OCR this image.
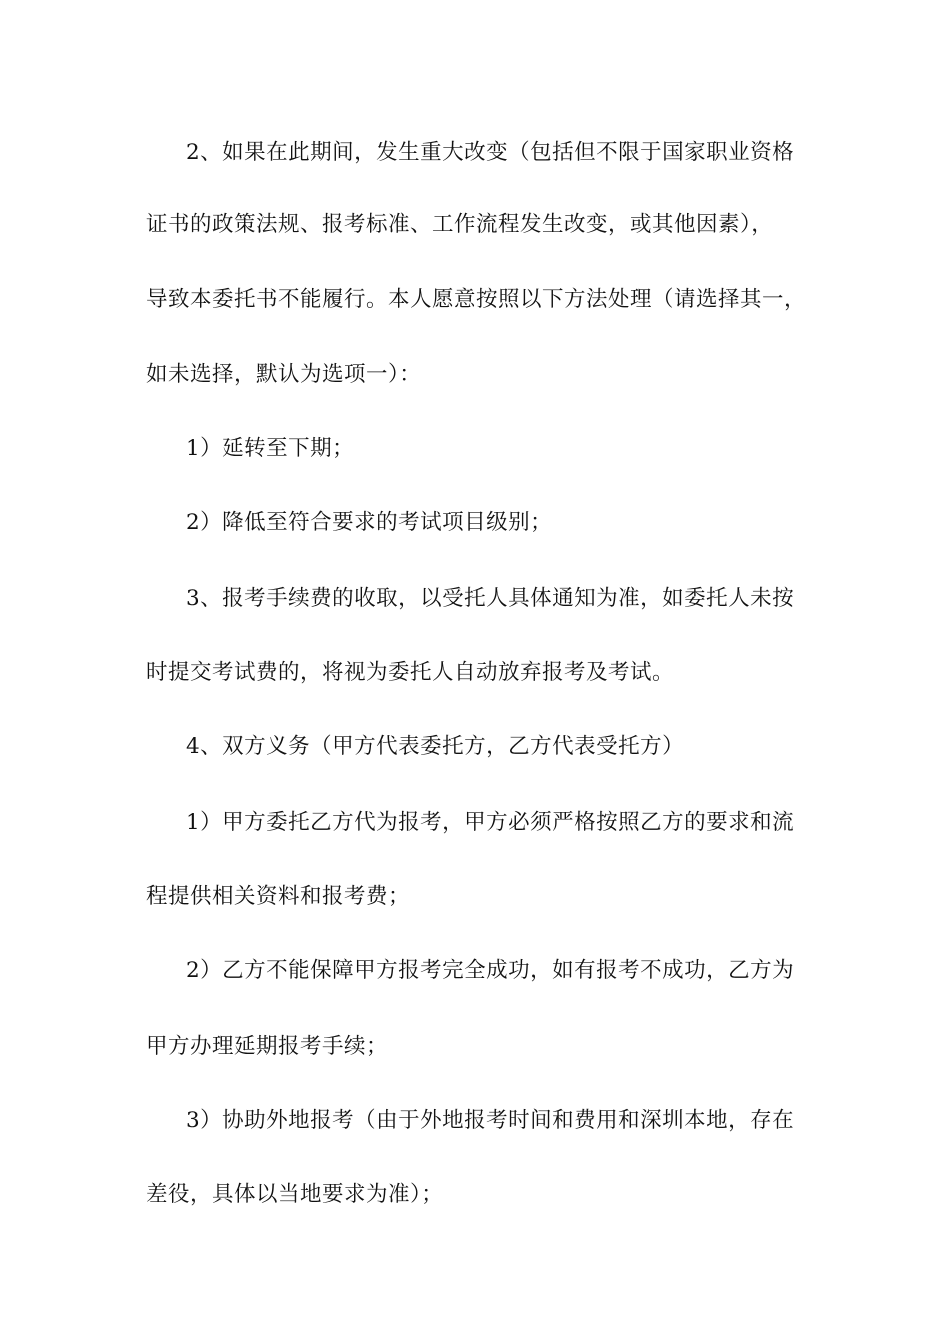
2、如果在此期间，发生重大改变（包括但不限于国家职业资格
证书的政策法规、报考标准、工作流程发生改变，或其他因素），
导致本委托书不能履行。本人愿意按照以下方法处理（请选择其一，
如未选择，默认为选项一）：
1）延转至下期；
2）降低至符合要求的考试项目级别；
3、报考手续费的收取，以受托人具体通知为准，如委托人未按
时提交考试费的，将视为委托人自动放弃报考及考试。
4、双方义务（甲方代表委托方，乙方代表受托方）
1）甲方委托乙方代为报考，甲方必须严格按照乙方的要求和流
程提供相关资料和报考费；
2）乙方不能保障甲方报考完全成功，如有报考不成功，乙方为
甲方办理延期报考手续；
3）协助外地报考（由于外地报考时间和费用和深圳本地，存在
差役，具体以当地要求为准）；
